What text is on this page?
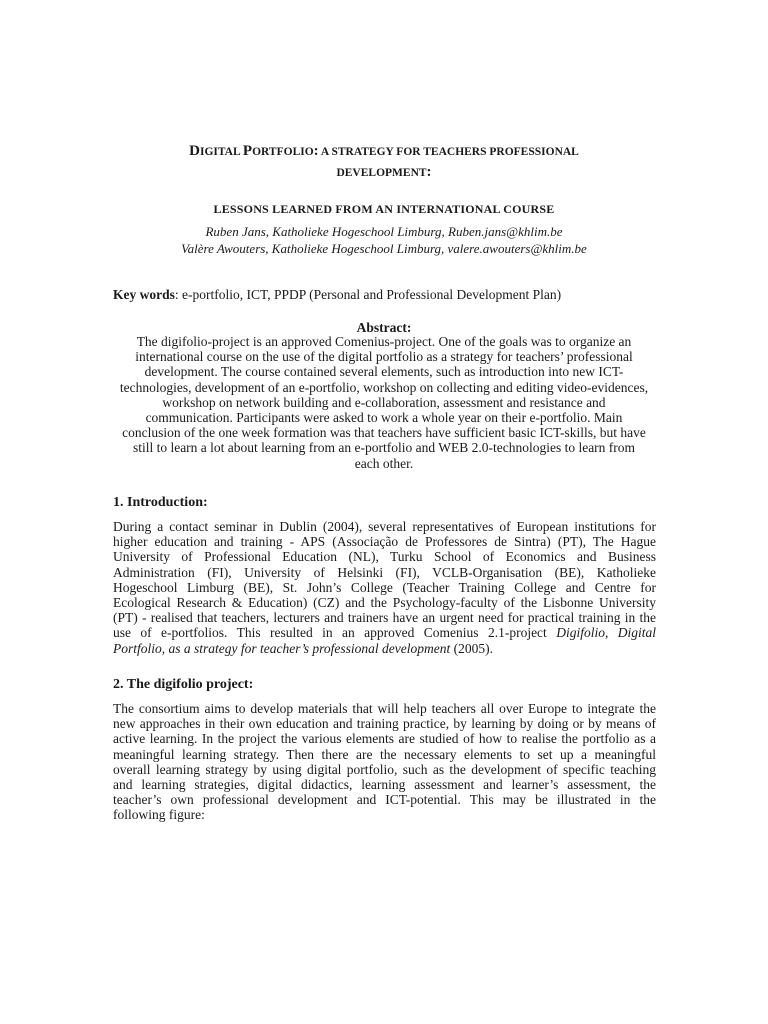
DIGITAL PORTFOLIO: A STRATEGY FOR TEACHERS PROFESSIONAL
DEVELOPMENT:
LESSONS LEARNED FROM AN INTERNATIONAL COURSE
Ruben Jans, Katholieke Hogeschool Limburg, Ruben.jans@khlim.be
Valère Awouters, Katholieke Hogeschool Limburg, valere.awouters@khlim.be
Key words: e-portfolio, ICT, PPDP (Personal and Professional Development Plan)
Abstract:
The digifolio-project is an approved Comenius-project. One of the goals was to organize an
international course on the use of the digital portfolio as a strategy for teachers’ professional
development. The course contained several elements, such as introduction into new ICT-
technologies, development of an e-portfolio, workshop on collecting and editing video-evidences,
workshop on network building and e-collaboration, assessment and resistance and
communication. Participants were asked to work a whole year on their e-portfolio. Main
conclusion of the one week formation was that teachers have sufficient basic ICT-skills, but have
still to learn a lot about learning from an e-portfolio and WEB 2.0-technologies to learn from
each other.
1. Introduction:
During a contact seminar in Dublin (2004), several representatives of European institutions for
higher education and training - APS (Associação de Professores de Sintra) (PT), The Hague
University of Professional Education (NL), Turku School of Economics and Business
Administration (FI), University of Helsinki (FI), VCLB-Organisation (BE), Katholieke
Hogeschool Limburg (BE), St. John’s College (Teacher Training College and Centre for
Ecological Research & Education) (CZ) and the Psychology-faculty of the Lisbonne University
(PT) - realised that teachers, lecturers and trainers have an urgent need for practical training in the
use of e-portfolios. This resulted in an approved Comenius 2.1-project Digifolio, Digital
Portfolio, as a strategy for teacher’s professional development (2005).
2. The digifolio project:
The consortium aims to develop materials that will help teachers all over Europe to integrate the
new approaches in their own education and training practice, by learning by doing or by means of
active learning. In the project the various elements are studied of how to realise the portfolio as a
meaningful learning strategy. Then there are the necessary elements to set up a meaningful
overall learning strategy by using digital portfolio, such as the development of specific teaching
and learning strategies, digital didactics, learning assessment and learner’s assessment, the
teacher’s own professional development and ICT-potential. This may be illustrated in the
following figure:
